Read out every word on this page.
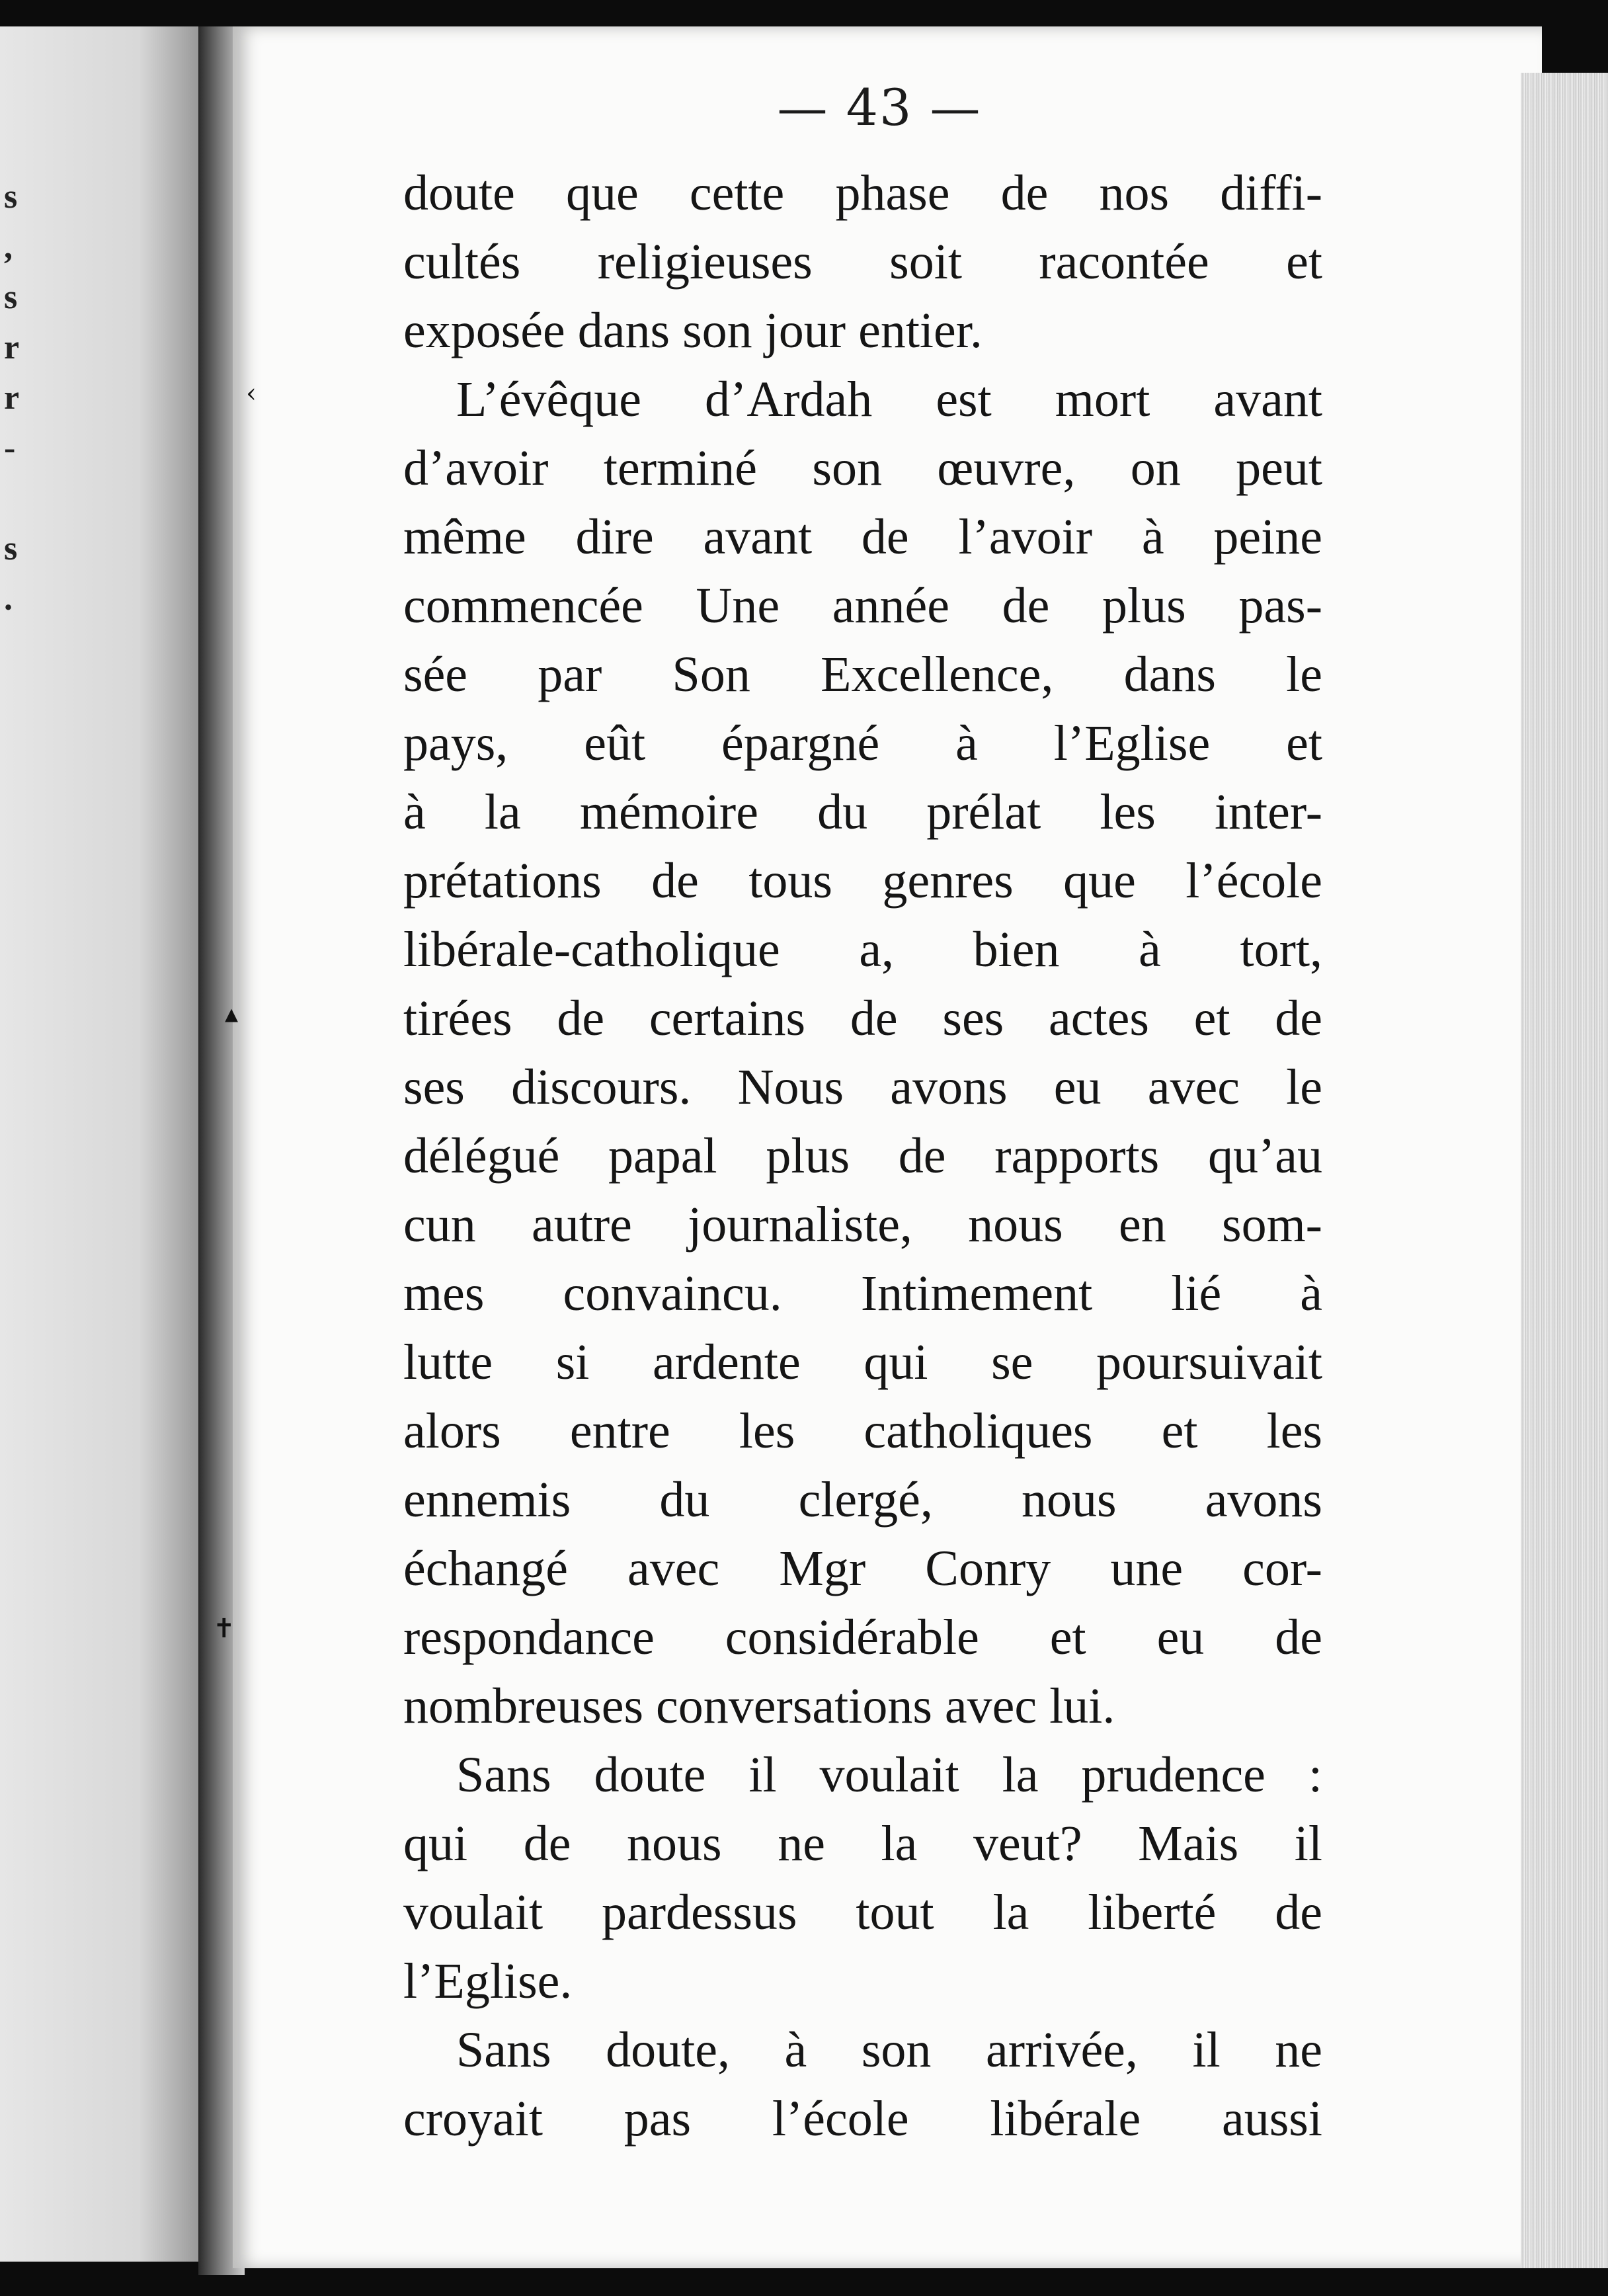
s
,
s
r
r
-

s
.
— 43 —
doute que cette phase de nos diffi-
cultés religieuses soit racontée et
exposée dans son jour entier.
L’évêque d’Ardah est mort avant
d’avoir terminé son œuvre, on peut
même dire avant de l’avoir à peine
commencée Une année de plus pas-
sée par Son Excellence, dans le
pays, eût épargné à l’Eglise et
à la mémoire du prélat les inter-
prétations de tous genres que l’école
libérale-catholique a, bien à tort,
tirées de certains de ses actes et de
ses discours. Nous avons eu avec le
délégué papal plus de rapports qu’au
cun autre journaliste, nous en som-
mes convaincu. Intimement lié à
lutte si ardente qui se poursuivait
alors entre les catholiques et les
ennemis du clergé, nous avons
échangé avec Mgr Conry une cor-
respondance considérable et eu de
nombreuses conversations avec lui.
Sans doute il voulait la prudence :
qui de nous ne la veut? Mais il
voulait pardessus tout la liberté de
l’Eglise.
Sans doute, à son arrivée, il ne
croyait pas l’école libérale aussi
‹
▴
✝
